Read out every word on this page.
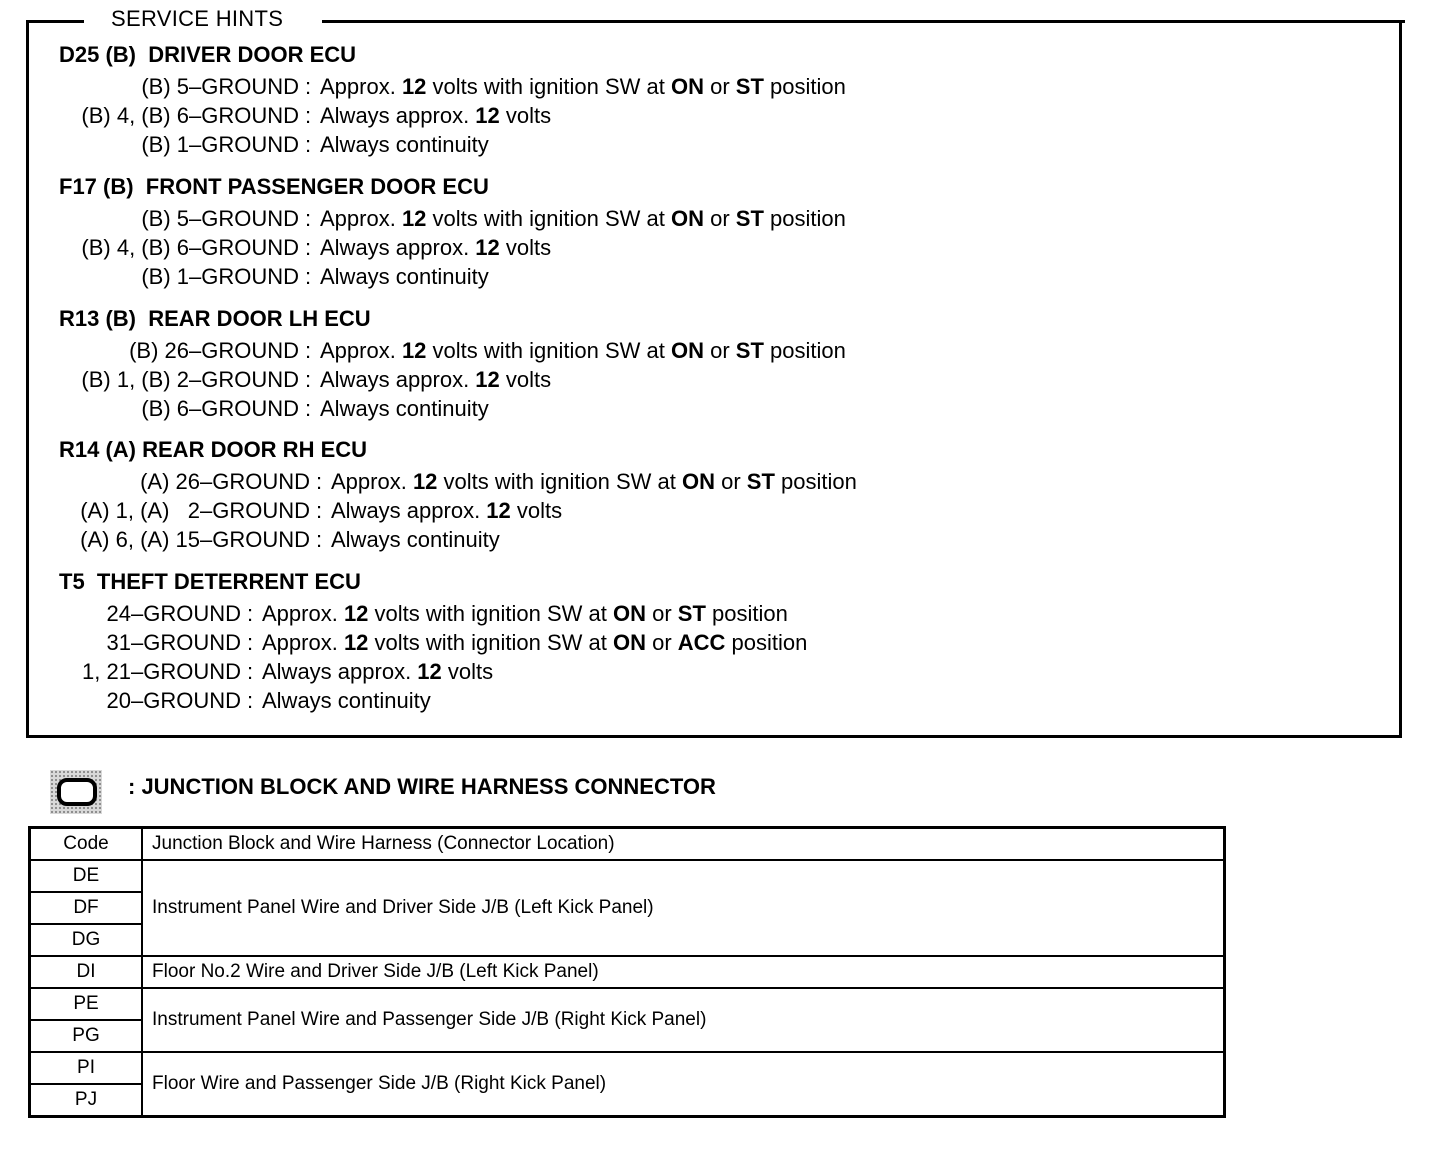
SERVICE HINTS
D25 (B)  DRIVER DOOR ECU
(B) 5–GROUND : Approx. 12 volts with ignition SW at ON or ST position
(B) 4, (B) 6–GROUND : Always approx. 12 volts
(B) 1–GROUND : Always continuity
F17 (B)  FRONT PASSENGER DOOR ECU
(B) 5–GROUND : Approx. 12 volts with ignition SW at ON or ST position
(B) 4, (B) 6–GROUND : Always approx. 12 volts
(B) 1–GROUND : Always continuity
R13 (B)  REAR DOOR LH ECU
(B) 26–GROUND : Approx. 12 volts with ignition SW at ON or ST position
(B) 1, (B) 2–GROUND : Always approx. 12 volts
(B) 6–GROUND : Always continuity
R14 (A) REAR DOOR RH ECU
(A) 26–GROUND : Approx. 12 volts with ignition SW at ON or ST position
(A) 1, (A)   2–GROUND : Always approx. 12 volts
(A) 6, (A) 15–GROUND : Always continuity
T5  THEFT DETERRENT ECU
24–GROUND : Approx. 12 volts with ignition SW at ON or ST position
31–GROUND : Approx. 12 volts with ignition SW at ON or ACC position
1, 21–GROUND : Always approx. 12 volts
20–GROUND : Always continuity
: JUNCTION BLOCK AND WIRE HARNESS CONNECTOR
Code	Junction Block and Wire Harness (Connector Location)
DE	Instrument Panel Wire and Driver Side J/B (Left Kick Panel)
DF	
DG	
DI	Floor No.2 Wire and Driver Side J/B (Left Kick Panel)
PE	Instrument Panel Wire and Passenger Side J/B (Right Kick Panel)
PG	
PI	Floor Wire and Passenger Side J/B (Right Kick Panel)
PJ	
